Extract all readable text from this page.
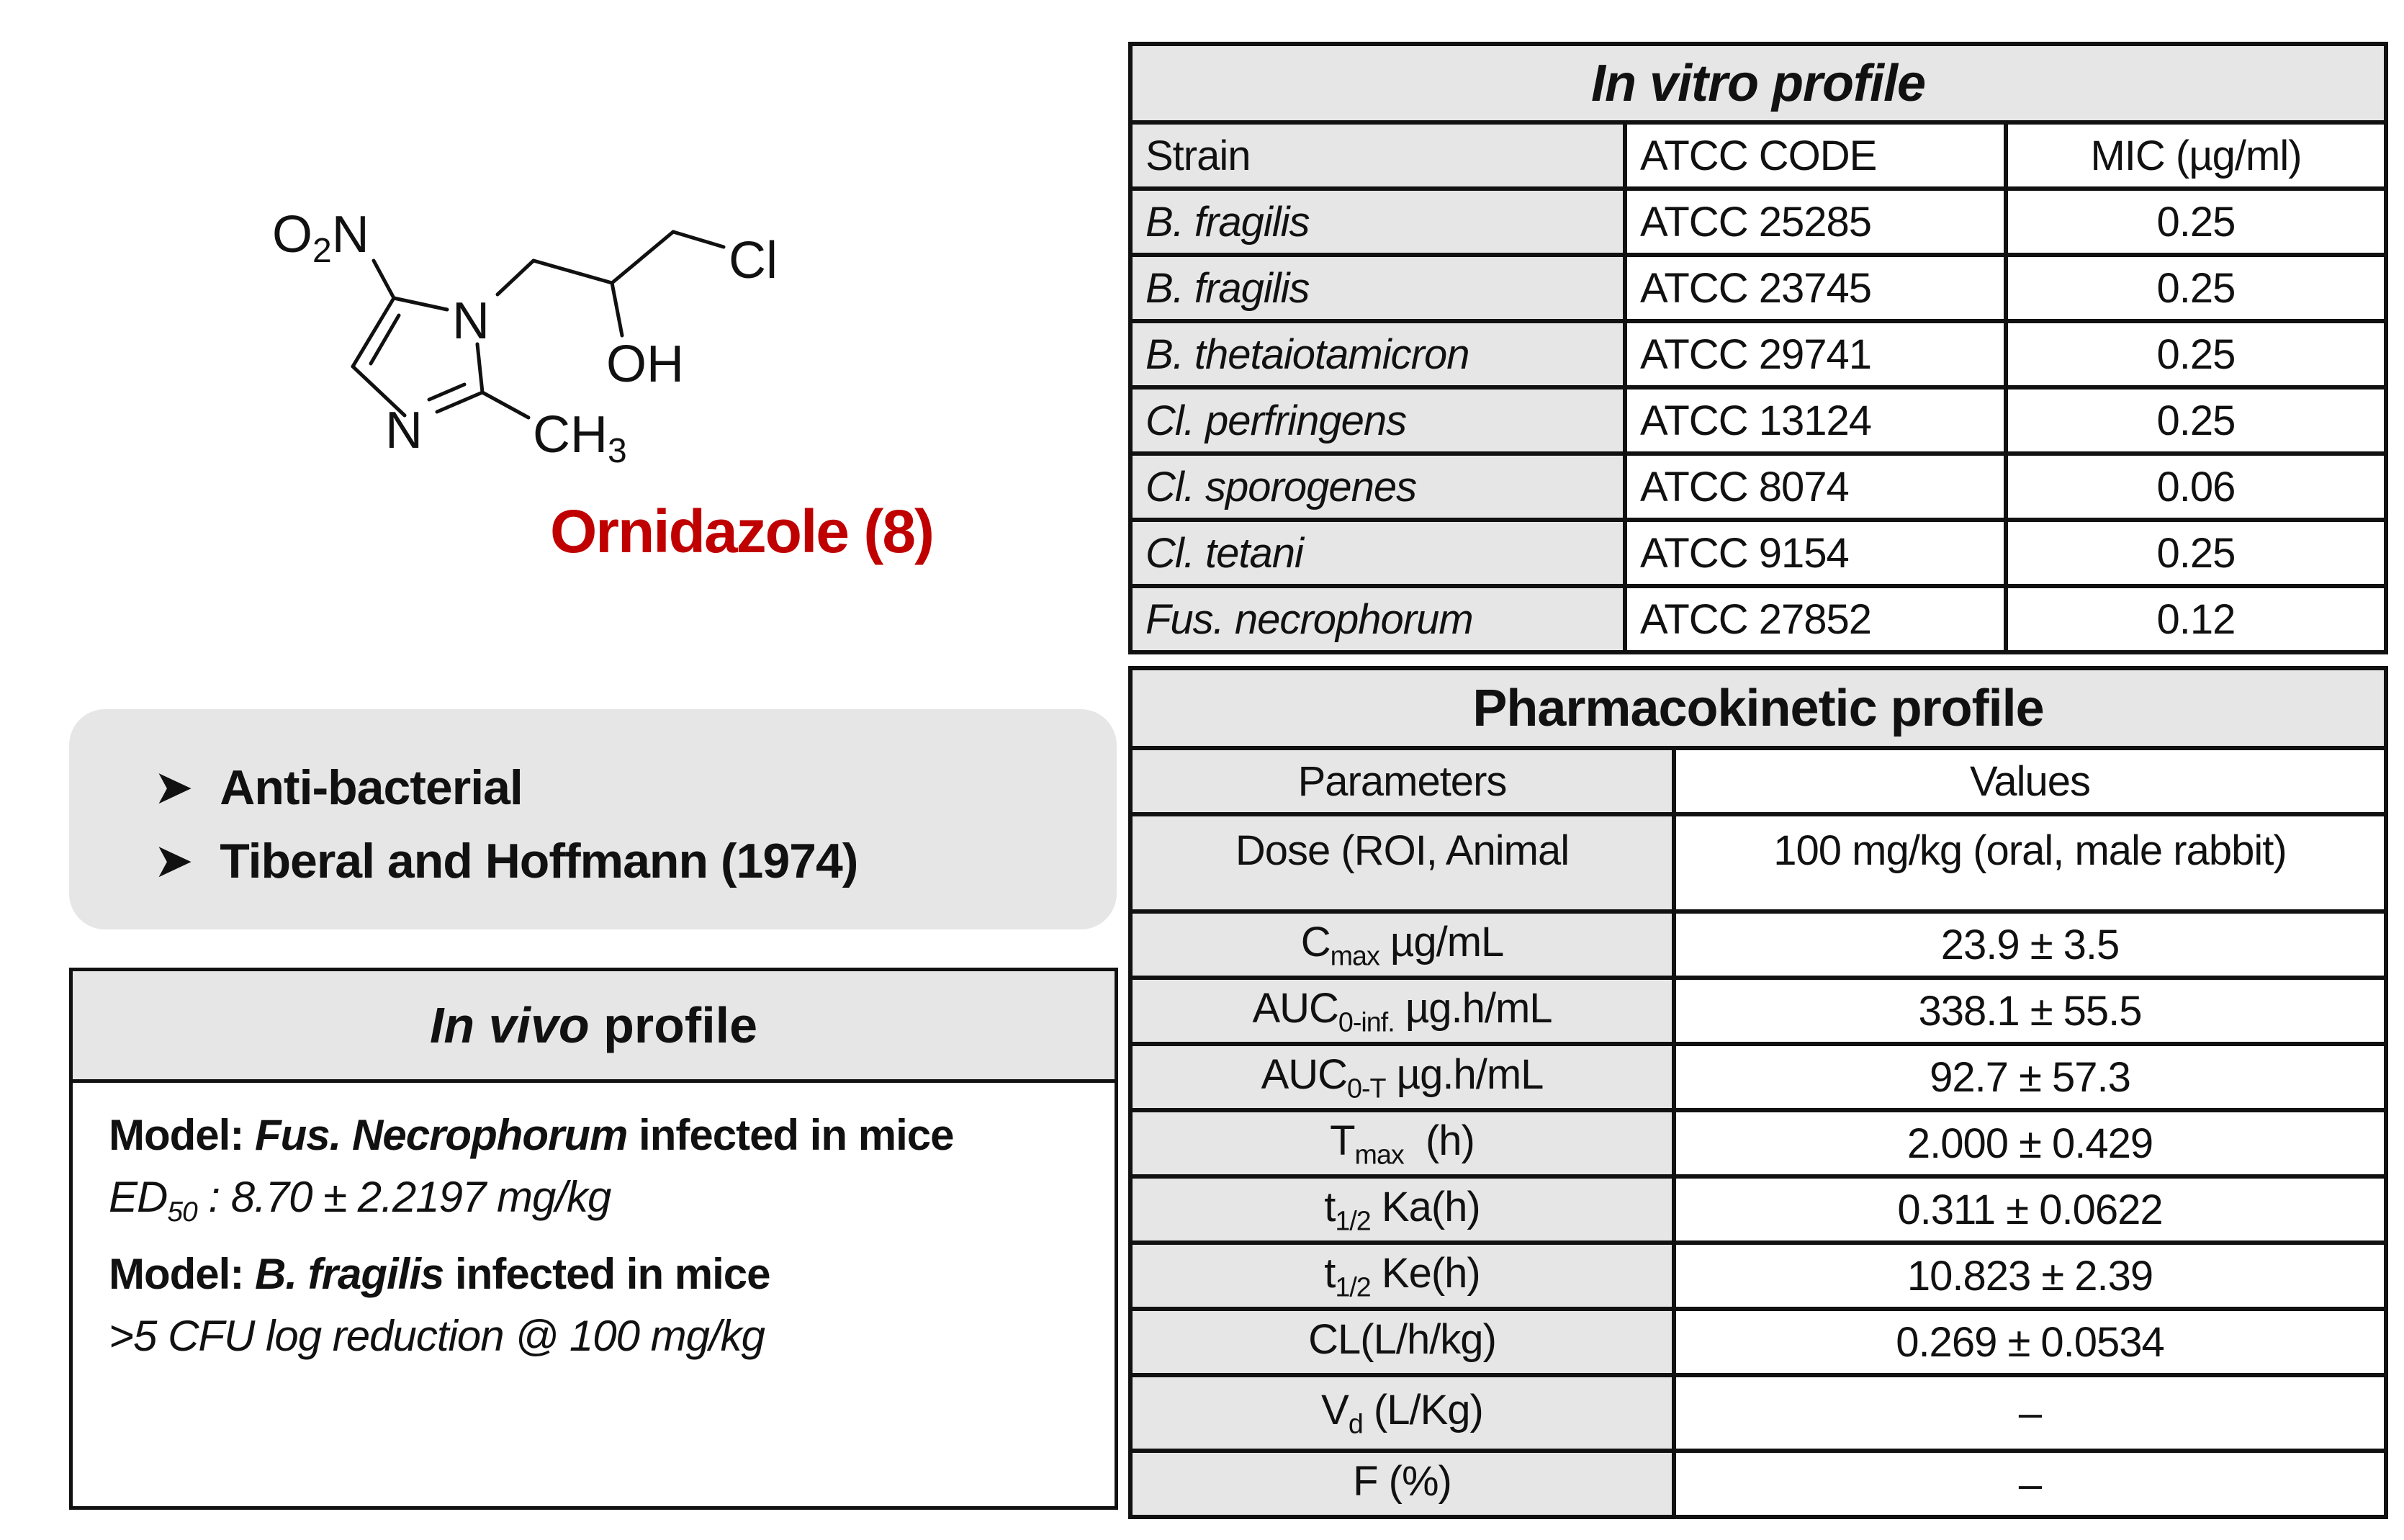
O2N
N
OH
N CH3
Cl
Ornidazole (8)
➤ Anti-bacterial
➤ Tiberal and Hoffmann (1974)
In vivo profile
Model: Fus. Necrophorum infected in mice
$ED_{50}$ : 8.70 ± 2.2197 mg/kg
Model: B. fragilis infected in mice
>5 CFU log reduction @ 100 mg/kg
In vitro profile		
Strain	ATCC CODE	MIC (µg/ml)
B. fragilis	ATCC 25285	0.25
B. fragilis	ATCC 23745	0.25
B. thetaiotamicron	ATCC 29741	0.25
Cl. perfringens	ATCC 13124	0.25
Cl. sporogenes	ATCC 8074	0.06
Cl. tetani	ATCC 9154	0.25
Fus. necrophorum	ATCC 27852	0.12
Pharmacokinetic profile	
Parameters	Values
Dose (ROI, Animal	100 mg/kg (oral, male rabbit)
$C_{max}$ µg/mL	23.9 ± 3.5
$AUC_{0-inf.}$ µg.h/mL	338.1 ± 55.5
$AUC_{0-T}$ µg.h/mL	92.7 ± 57.3
$T_{max}$  (h)	2.000 ± 0.429
$t_{1/2}$ Ka(h)	0.311 ± 0.0622
$t_{1/2}$ Ke(h)	10.823 ± 2.39
CL(L/h/kg)	0.269 ± 0.0534
$V_d$ (L/Kg)	–
F (%)	–
